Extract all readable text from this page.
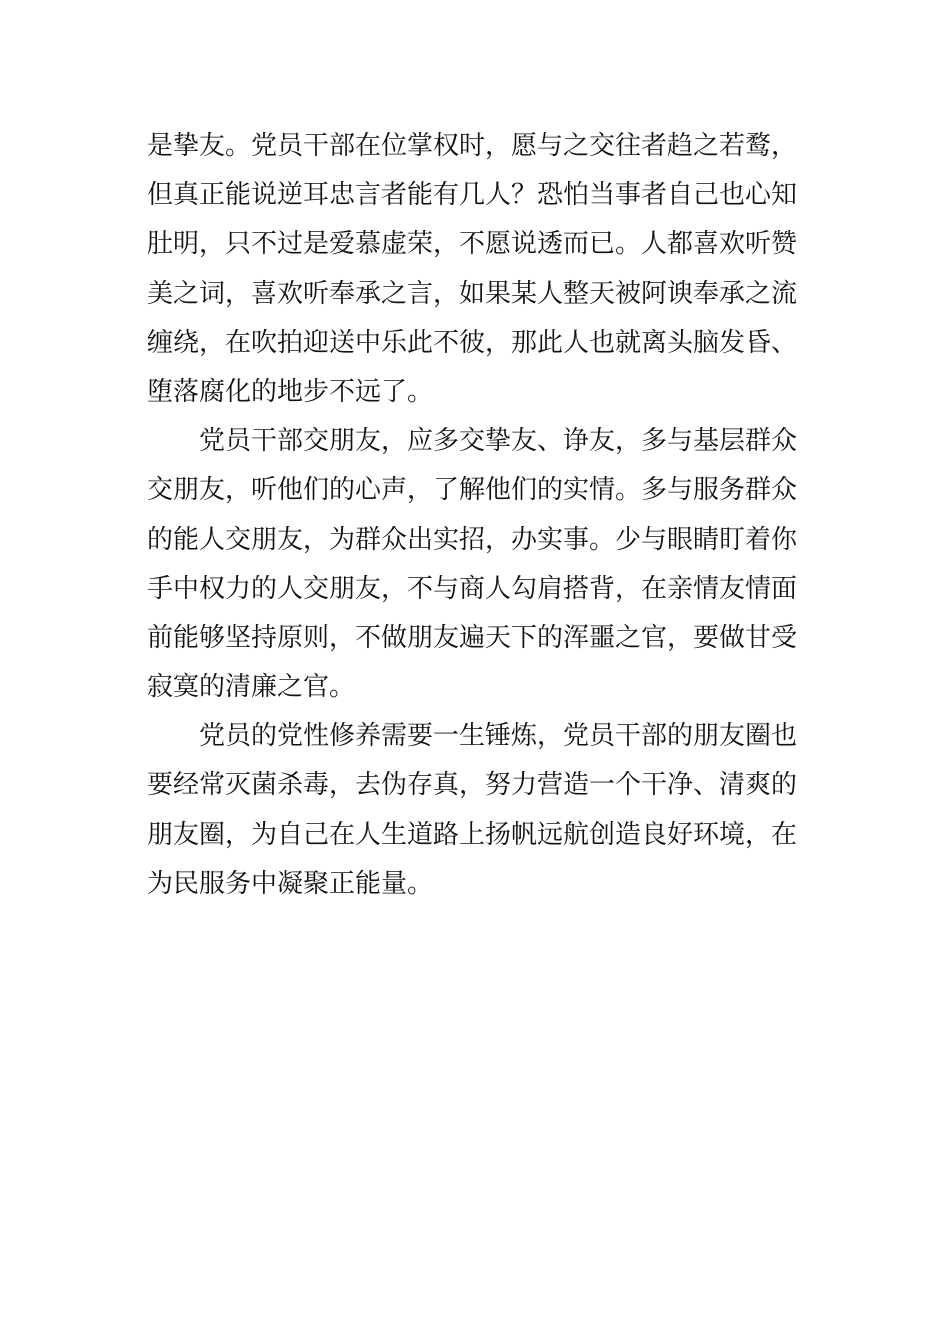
是挚友。党员干部在位掌权时，愿与之交往者趋之若鹜，
但真正能说逆耳忠言者能有几人？恐怕当事者自己也心知
肚明，只不过是爱慕虚荣，不愿说透而已。人都喜欢听赞
美之词，喜欢听奉承之言，如果某人整天被阿谀奉承之流
缠绕，在吹拍迎送中乐此不彼，那此人也就离头脑发昏、
堕落腐化的地步不远了。
党员干部交朋友，应多交挚友、诤友，多与基层群众
交朋友，听他们的心声，了解他们的实情。多与服务群众
的能人交朋友，为群众出实招，办实事。少与眼睛盯着你
手中权力的人交朋友，不与商人勾肩搭背，在亲情友情面
前能够坚持原则，不做朋友遍天下的浑噩之官，要做甘受
寂寞的清廉之官。
党员的党性修养需要一生锤炼，党员干部的朋友圈也
要经常灭菌杀毒，去伪存真，努力营造一个干净、清爽的
朋友圈，为自己在人生道路上扬帆远航创造良好环境，在
为民服务中凝聚正能量。
